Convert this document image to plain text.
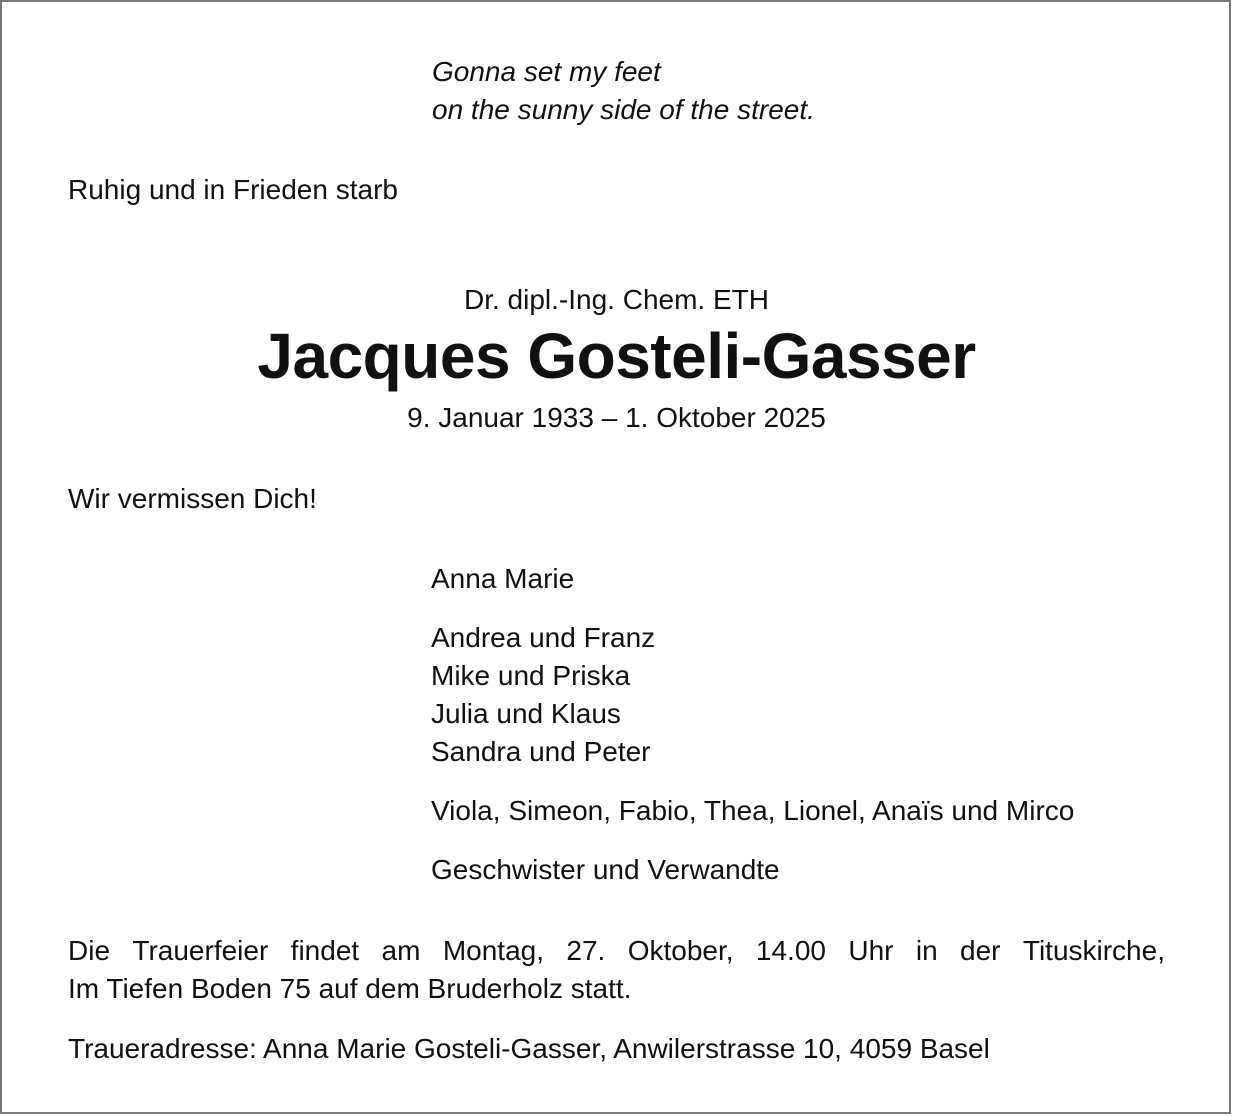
Gonna set my feet
on the sunny side of the street.
Ruhig und in Frieden starb
Dr. dipl.-Ing. Chem. ETH
Jacques Gosteli-Gasser
9. Januar 1933 – 1. Oktober 2025
Wir vermissen Dich!
Anna Marie
Andrea und Franz
Mike und Priska
Julia und Klaus
Sandra und Peter
Viola, Simeon, Fabio, Thea, Lionel, Anaïs und Mirco
Geschwister und Verwandte
Die Trauerfeier findet am Montag, 27. Oktober, 14.00 Uhr in der Tituskirche,
Im Tiefen Boden 75 auf dem Bruderholz statt.
Traueradresse: Anna Marie Gosteli-Gasser, Anwilerstrasse 10, 4059 Basel
